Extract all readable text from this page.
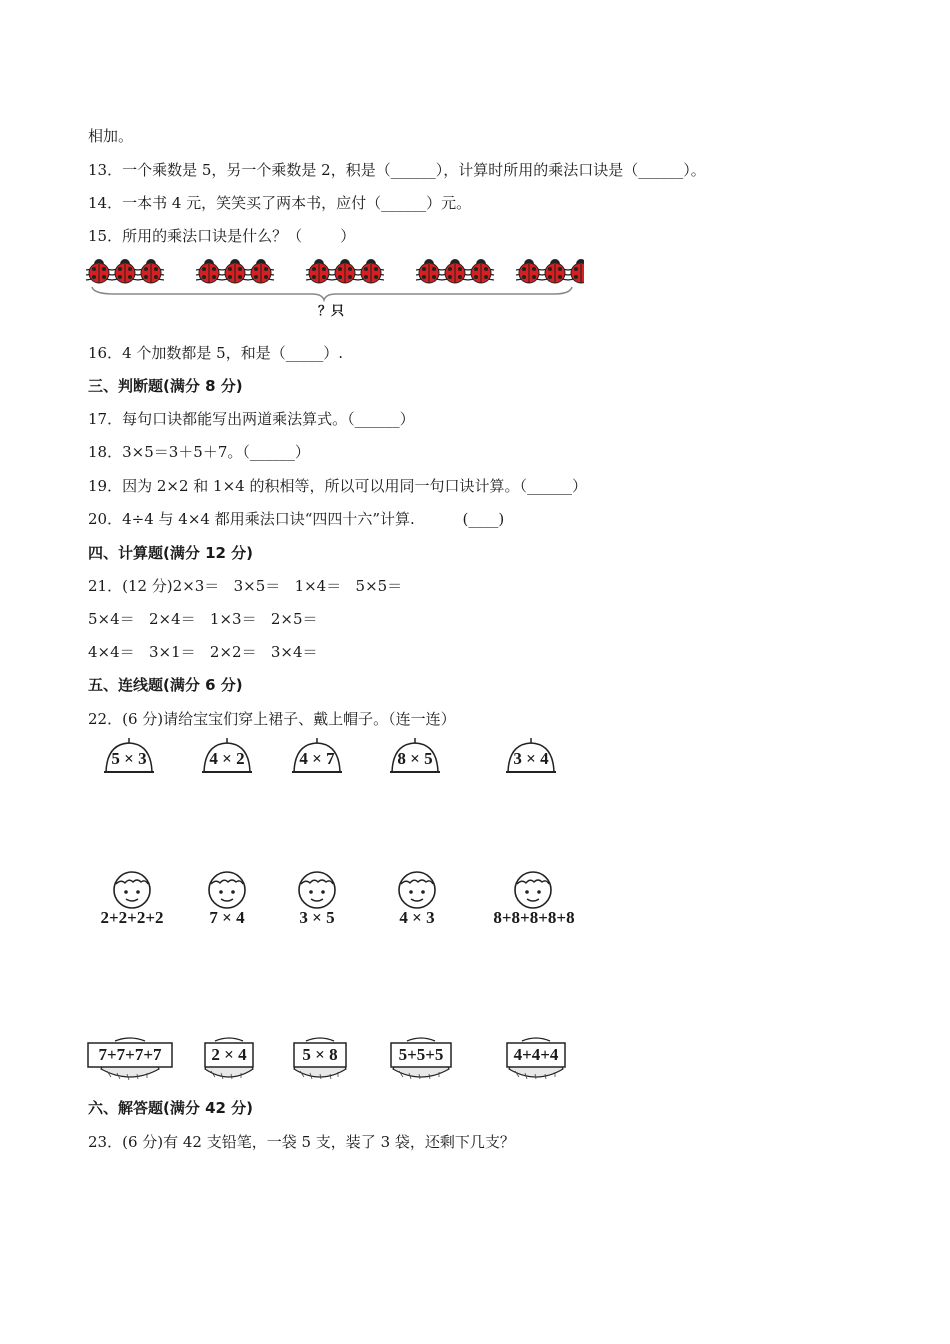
相加。
13．一个乘数是 5，另一个乘数是 2，积是（______），计算时所用的乘法口诀是（______）。
14．一本书 4 元，笑笑买了两本书，应付（______）元。
15．所用的乘法口诀是什么？（        ）
？只
16．4 个加数都是 5，和是（_____）.
三、判断题(满分 8 分)
17．每句口诀都能写出两道乘法算式。（______）
18．3×5＝3＋5＋7。（______）
19．因为 2×2 和 1×4 的积相等，所以可以用同一句口诀计算。（______）
20．4÷4 与 4×4 都用乘法口诀“四四十六”计算.          (____)
四、计算题(满分 12 分)
21．(12 分)2×3＝   3×5＝   1×4＝   5×5＝
5×4＝   2×4＝   1×3＝   2×5＝
4×4＝   3×1＝   2×2＝   3×4＝
五、连线题(满分 6 分)
22．(6 分)请给宝宝们穿上裙子、戴上帽子。（连一连）
5 × 3	4 × 2	4 × 7	8 × 5	3 × 4
2+2+2+2	7 × 4	3 × 5	4 × 3	8+8+8+8+8
7+7+7+7	2 × 4	5 × 8	5+5+5	4+4+4
六、解答题(满分 42 分)
23．(6 分)有 42 支铅笔，一袋 5 支，装了 3 袋，还剩下几支？
